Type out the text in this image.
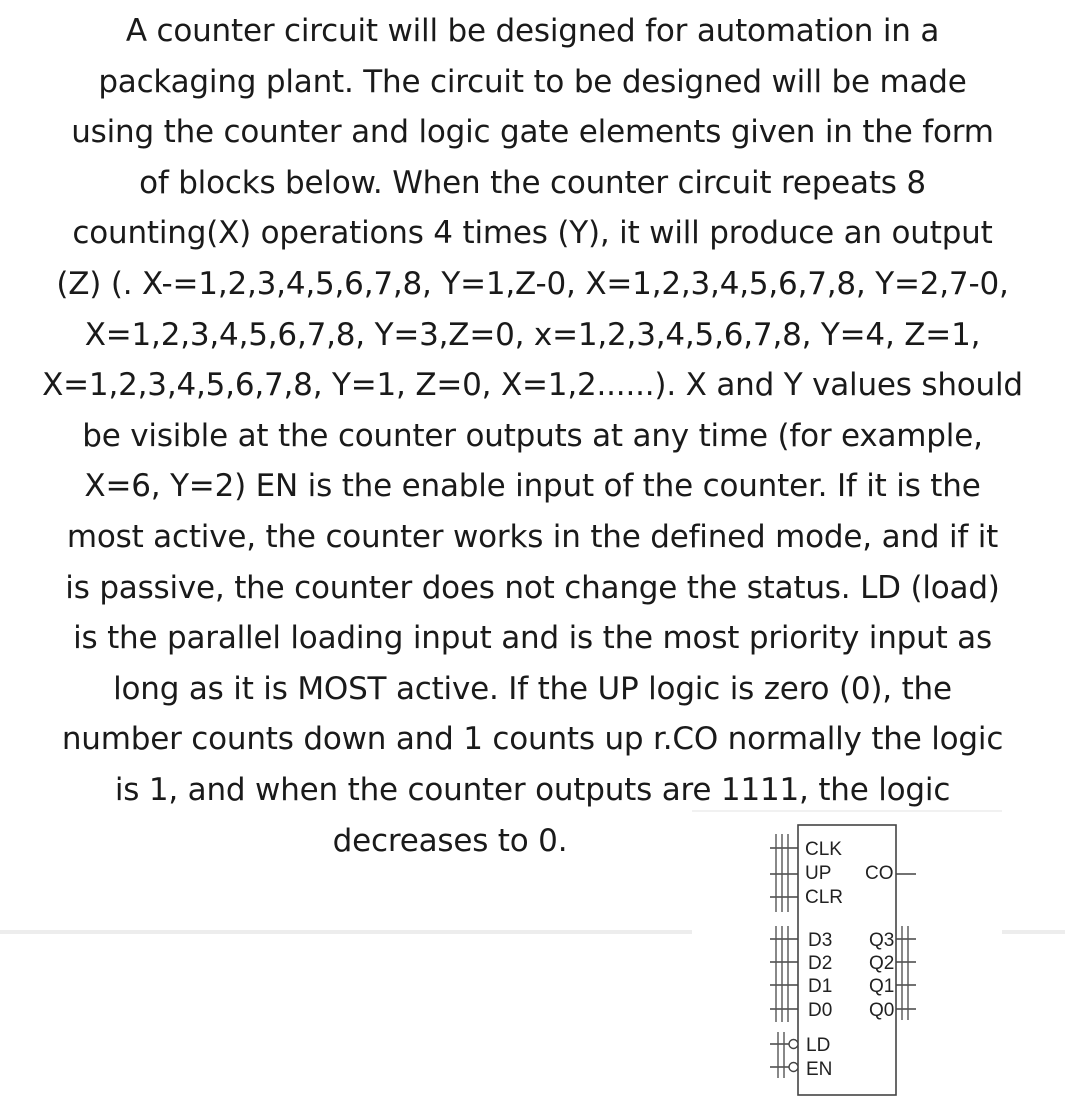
A counter circuit will be designed for automation in a
packaging plant. The circuit to be designed will be made
using the counter and logic gate elements given in the form
of blocks below. When the counter circuit repeats 8
counting(X) operations 4 times (Y), it will produce an output
(Z) (. X-=1,2,3,4,5,6,7,8, Y=1,Z-0, X=1,2,3,4,5,6,7,8, Y=2,7-0,
X=1,2,3,4,5,6,7,8, Y=3,Z=0, x=1,2,3,4,5,6,7,8, Y=4, Z=1,
X=1,2,3,4,5,6,7,8, Y=1, Z=0, X=1,2......). X and Y values should
be visible at the counter outputs at any time (for example,
X=6, Y=2) EN is the enable input of the counter. If it is the
most active, the counter works in the defined mode, and if it
is passive, the counter does not change the status. LD (load)
is the parallel loading input and is the most priority input as
long as it is MOST active. If the UP logic is zero (0), the
number counts down and 1 counts up r.CO normally the logic
is 1, and when the counter outputs are 1111, the logic
decreases to 0.	CLK
UP
CLR
D3
D2
D1
D0
LD
EN
CO
Q3
Q2
Q1
Q0
